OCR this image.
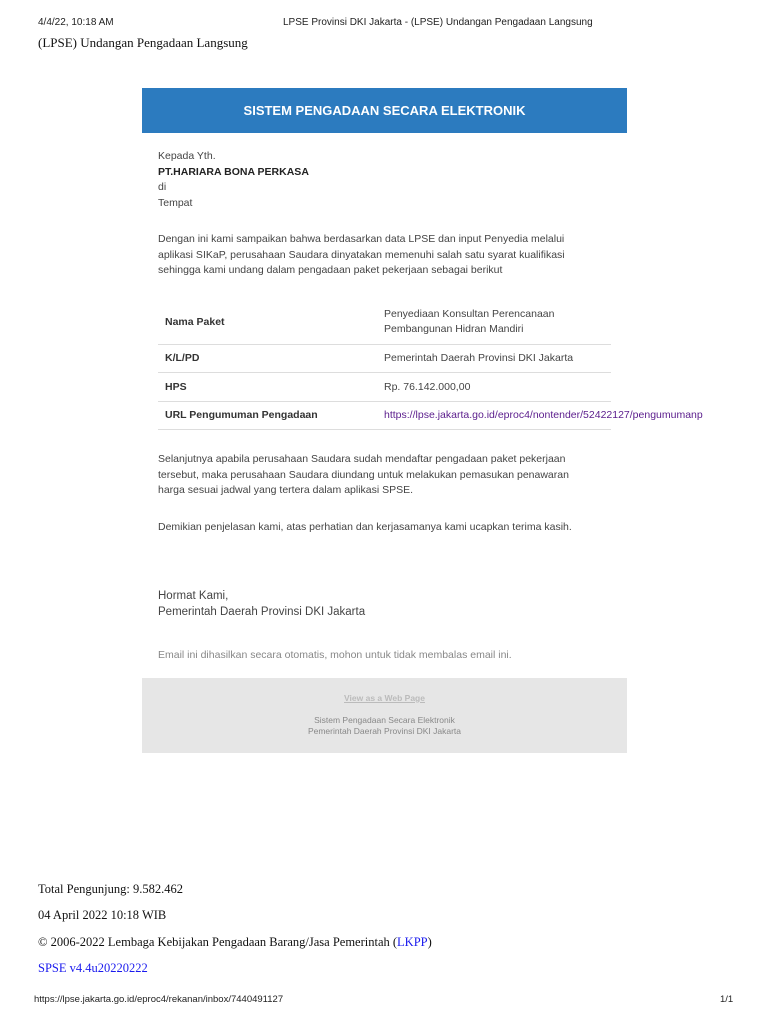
4/4/22, 10:18 AM	LPSE Provinsi DKI Jakarta - (LPSE) Undangan Pengadaan Langsung
(LPSE) Undangan Pengadaan Langsung
SISTEM PENGADAAN SECARA ELEKTRONIK
Kepada Yth.
PT.HARIARA BONA PERKASA
di
Tempat
Dengan ini kami sampaikan bahwa berdasarkan data LPSE dan input Penyedia melalui
aplikasi SIKaP, perusahaan Saudara dinyatakan memenuhi salah satu syarat kualifikasi
sehingga kami undang dalam pengadaan paket pekerjaan sebagai berikut
Nama Paket	Penyediaan Konsultan Perencanaan
Pembangunan Hidran Mandiri

K/L/PD	Pemerintah Daerah Provinsi DKI Jakarta
HPS	Rp. 76.142.000,00
URL Pengumuman Pengadaan	https://lpse.jakarta.go.id/eproc4/nontender/52422127/pengumumanp
Selanjutnya apabila perusahaan Saudara sudah mendaftar pengadaan paket pekerjaan
tersebut, maka perusahaan Saudara diundang untuk melakukan pemasukan penawaran
harga sesuai jadwal yang tertera dalam aplikasi SPSE.
Demikian penjelasan kami, atas perhatian dan kerjasamanya kami ucapkan terima kasih.
Hormat Kami,
Pemerintah Daerah Provinsi DKI Jakarta
Email ini dihasilkan secara otomatis, mohon untuk tidak membalas email ini.
View as a Web Page
Sistem Pengadaan Secara Elektronik
Pemerintah Daerah Provinsi DKI Jakarta
Total Pengunjung: 9.582.462
04 April 2022 10:18 WIB
© 2006-2022 Lembaga Kebijakan Pengadaan Barang/Jasa Pemerintah (LKPP)
SPSE v4.4u20220222
https://lpse.jakarta.go.id/eproc4/rekanan/inbox/7440491127	1/1
